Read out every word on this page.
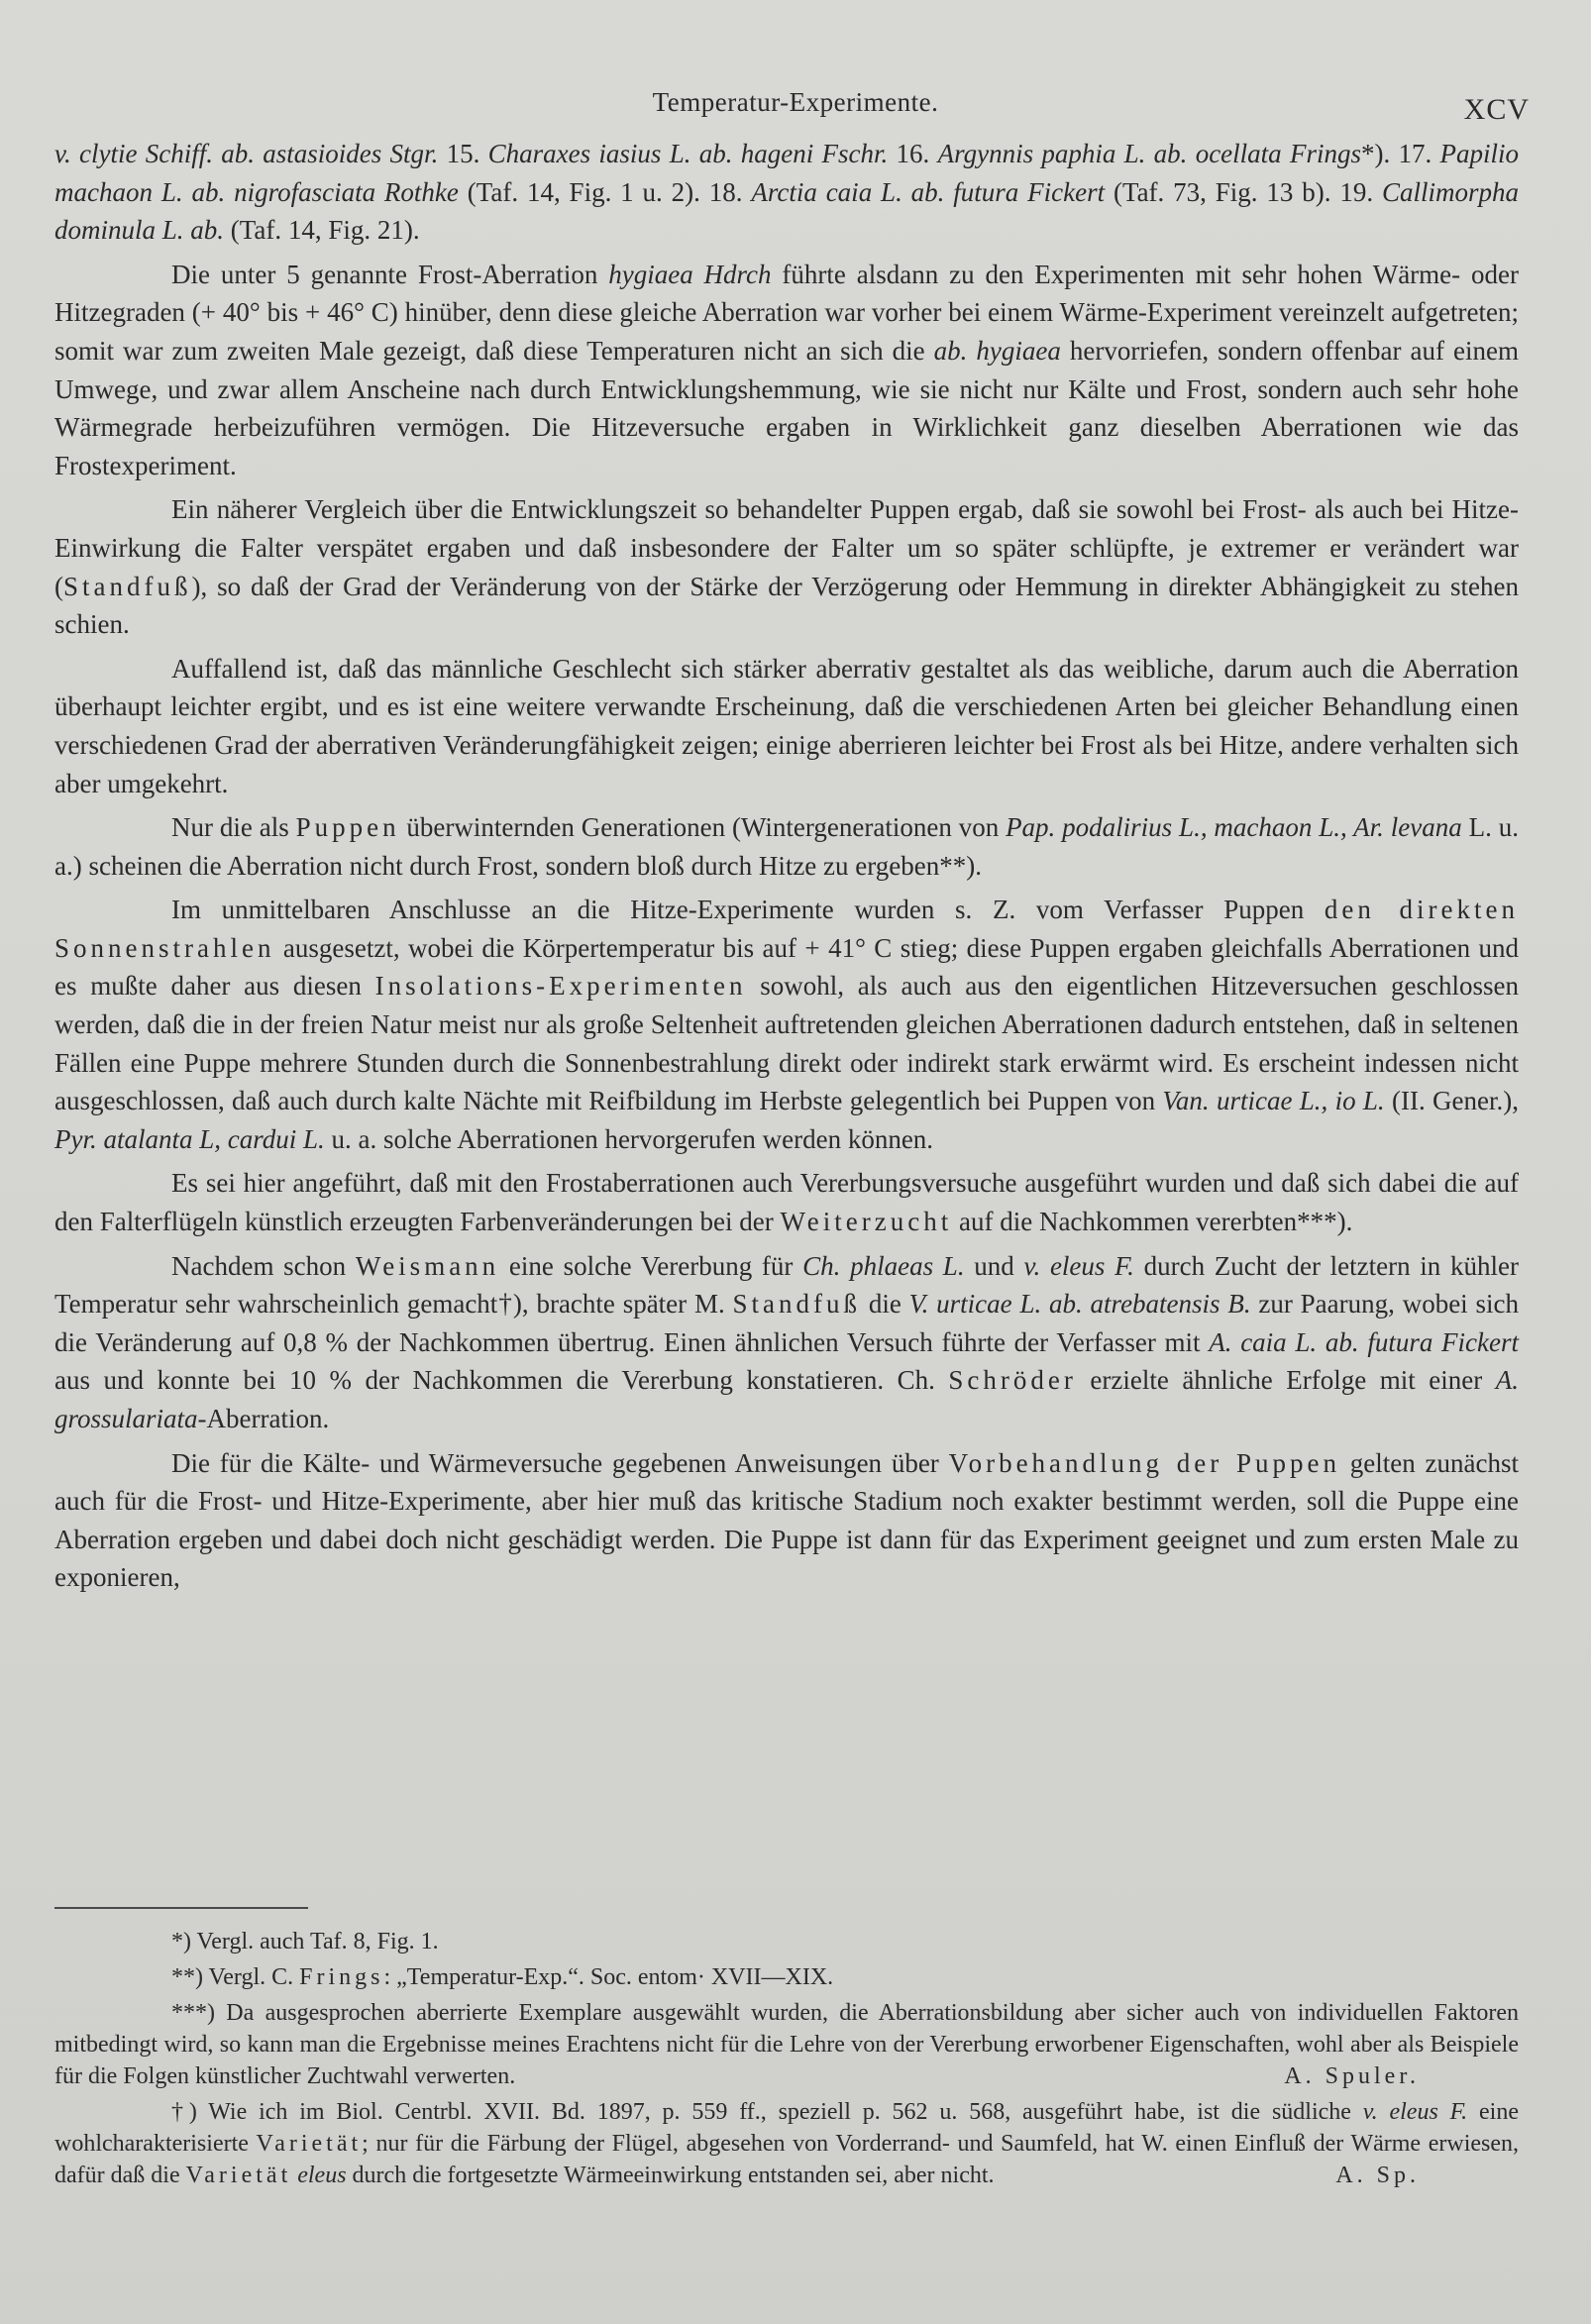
Temperatur-Experimente.	XCV

v. clytie Schiff. ab. astasioides Stgr. 15. Charaxes iasius L. ab. hageni Fschr. 16. Argynnis paphia L. ab. ocellata Frings*). 17. Papilio machaon L. ab. nigrofasciata Rothke (Taf. 14, Fig. 1 u. 2). 18. Arctia caia L. ab. futura Fickert (Taf. 73, Fig. 13 b). 19. Callimorpha dominula L. ab. (Taf. 14, Fig. 21).

Die unter 5 genannte Frost-Aberration hygiaea Hdrch führte alsdann zu den Experimenten mit sehr hohen Wärme- oder Hitzegraden (+ 40° bis + 46° C) hinüber, denn diese gleiche Aberration war vorher bei einem Wärme-Experiment vereinzelt aufgetreten; somit war zum zweiten Male gezeigt, daß diese Temperaturen nicht an sich die ab. hygiaea hervorriefen, sondern offenbar auf einem Umwege, und zwar allem Anscheine nach durch Entwicklungshemmung, wie sie nicht nur Kälte und Frost, sondern auch sehr hohe Wärmegrade herbeizuführen vermögen. Die Hitzeversuche ergaben in Wirklichkeit ganz dieselben Aberrationen wie das Frostexperiment.

Ein näherer Vergleich über die Entwicklungszeit so behandelter Puppen ergab, daß sie sowohl bei Frost- als auch bei Hitze-Einwirkung die Falter verspätet ergaben und daß insbesondere der Falter um so später schlüpfte, je extremer er verändert war (Standfuß), so daß der Grad der Veränderung von der Stärke der Verzögerung oder Hemmung in direkter Abhängigkeit zu stehen schien.

Auffallend ist, daß das männliche Geschlecht sich stärker aberrativ gestaltet als das weibliche, darum auch die Aberration überhaupt leichter ergibt, und es ist eine weitere verwandte Erscheinung, daß die verschiedenen Arten bei gleicher Behandlung einen verschiedenen Grad der aberrativen Veränderungfähigkeit zeigen; einige aberrieren leichter bei Frost als bei Hitze, andere verhalten sich aber umgekehrt.

Nur die als Puppen überwinternden Generationen (Wintergenerationen von Pap. podalirius L., machaon L., Ar. levana L. u. a.) scheinen die Aberration nicht durch Frost, sondern bloß durch Hitze zu ergeben**).

Im unmittelbaren Anschlusse an die Hitze-Experimente wurden s. Z. vom Verfasser Puppen den direkten Sonnenstrahlen ausgesetzt, wobei die Körpertemperatur bis auf + 41° C stieg; diese Puppen ergaben gleichfalls Aberrationen und es mußte daher aus diesen Insolations-Experimenten sowohl, als auch aus den eigentlichen Hitzeversuchen geschlossen werden, daß die in der freien Natur meist nur als große Seltenheit auftretenden gleichen Aberrationen dadurch entstehen, daß in seltenen Fällen eine Puppe mehrere Stunden durch die Sonnenbestrahlung direkt oder indirekt stark erwärmt wird. Es erscheint indessen nicht ausgeschlossen, daß auch durch kalte Nächte mit Reifbildung im Herbste gelegentlich bei Puppen von Van. urticae L., io L. (II. Gener.), Pyr. atalanta L, cardui L. u. a. solche Aberrationen hervorgerufen werden können.

Es sei hier angeführt, daß mit den Frostaberrationen auch Vererbungsversuche ausgeführt wurden und daß sich dabei die auf den Falterflügeln künstlich erzeugten Farbenveränderungen bei der Weiterzucht auf die Nachkommen vererbten***).

Nachdem schon Weismann eine solche Vererbung für Ch. phlaeas L. und v. eleus F. durch Zucht der letztern in kühler Temperatur sehr wahrscheinlich gemacht†), brachte später M. Standfuß die V. urticae L. ab. atrebatensis B. zur Paarung, wobei sich die Veränderung auf 0,8 % der Nachkommen übertrug. Einen ähnlichen Versuch führte der Verfasser mit A. caia L. ab. futura Fickert aus und konnte bei 10 % der Nachkommen die Vererbung konstatieren. Ch. Schröder erzielte ähnliche Erfolge mit einer A. grossulariata-Aberration.

Die für die Kälte- und Wärmeversuche gegebenen Anweisungen über Vorbehandlung der Puppen gelten zunächst auch für die Frost- und Hitze-Experimente, aber hier muß das kritische Stadium noch exakter bestimmt werden, soll die Puppe eine Aberration ergeben und dabei doch nicht geschädigt werden. Die Puppe ist dann für das Experiment geeignet und zum ersten Male zu exponieren,

*) Vergl. auch Taf. 8, Fig. 1.

**) Vergl. C. Frings: „Temperatur-Exp.“. Soc. entom· XVII—XIX.

***) Da ausgesprochen aberrierte Exemplare ausgewählt wurden, die Aberrationsbildung aber sicher auch von individuellen Faktoren mitbedingt wird, so kann man die Ergebnisse meines Erachtens nicht für die Lehre von der Vererbung erworbener Eigenschaften, wohl aber als Beispiele für die Folgen künstlicher Zuchtwahl verwerten.	A. Spuler.

†) Wie ich im Biol. Centrbl. XVII. Bd. 1897, p. 559 ff., speziell p. 562 u. 568, ausgeführt habe, ist die südliche v. eleus F. eine wohlcharakterisierte Varietät; nur für die Färbung der Flügel, abgesehen von Vorderrand- und Saumfeld, hat W. einen Einfluß der Wärme erwiesen, dafür daß die Varietät eleus durch die fortgesetzte Wärmeeinwirkung entstanden sei, aber nicht.	A. Sp.
